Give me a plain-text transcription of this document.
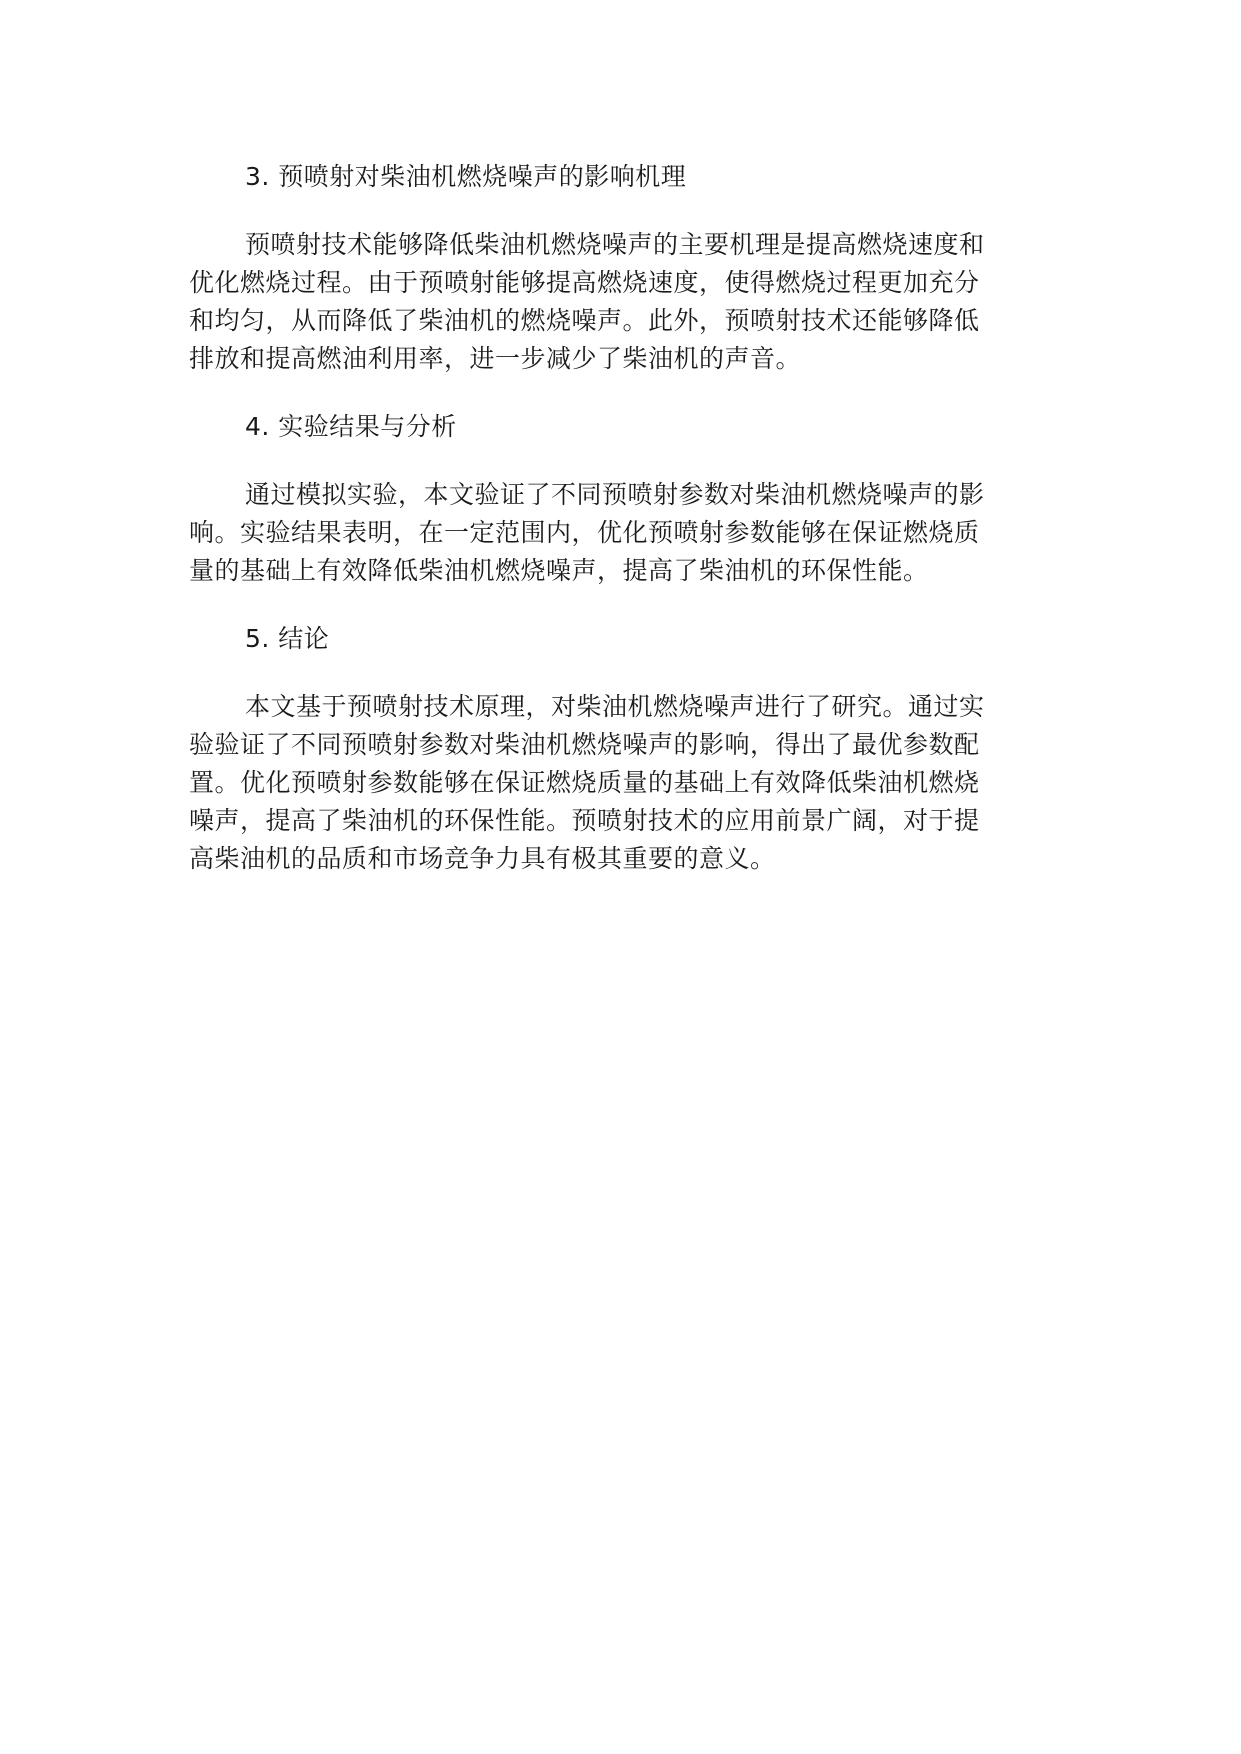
3. 预喷射对柴油机燃烧噪声的影响机理
预喷射技术能够降低柴油机燃烧噪声的主要机理是提高燃烧速度和
优化燃烧过程。由于预喷射能够提高燃烧速度，使得燃烧过程更加充分
和均匀，从而降低了柴油机的燃烧噪声。此外，预喷射技术还能够降低
排放和提高燃油利用率，进一步减少了柴油机的声音。
4. 实验结果与分析
通过模拟实验，本文验证了不同预喷射参数对柴油机燃烧噪声的影
响。实验结果表明，在一定范围内，优化预喷射参数能够在保证燃烧质
量的基础上有效降低柴油机燃烧噪声，提高了柴油机的环保性能。
5. 结论
本文基于预喷射技术原理，对柴油机燃烧噪声进行了研究。通过实
验验证了不同预喷射参数对柴油机燃烧噪声的影响，得出了最优参数配
置。优化预喷射参数能够在保证燃烧质量的基础上有效降低柴油机燃烧
噪声，提高了柴油机的环保性能。预喷射技术的应用前景广阔，对于提
高柴油机的品质和市场竞争力具有极其重要的意义。
